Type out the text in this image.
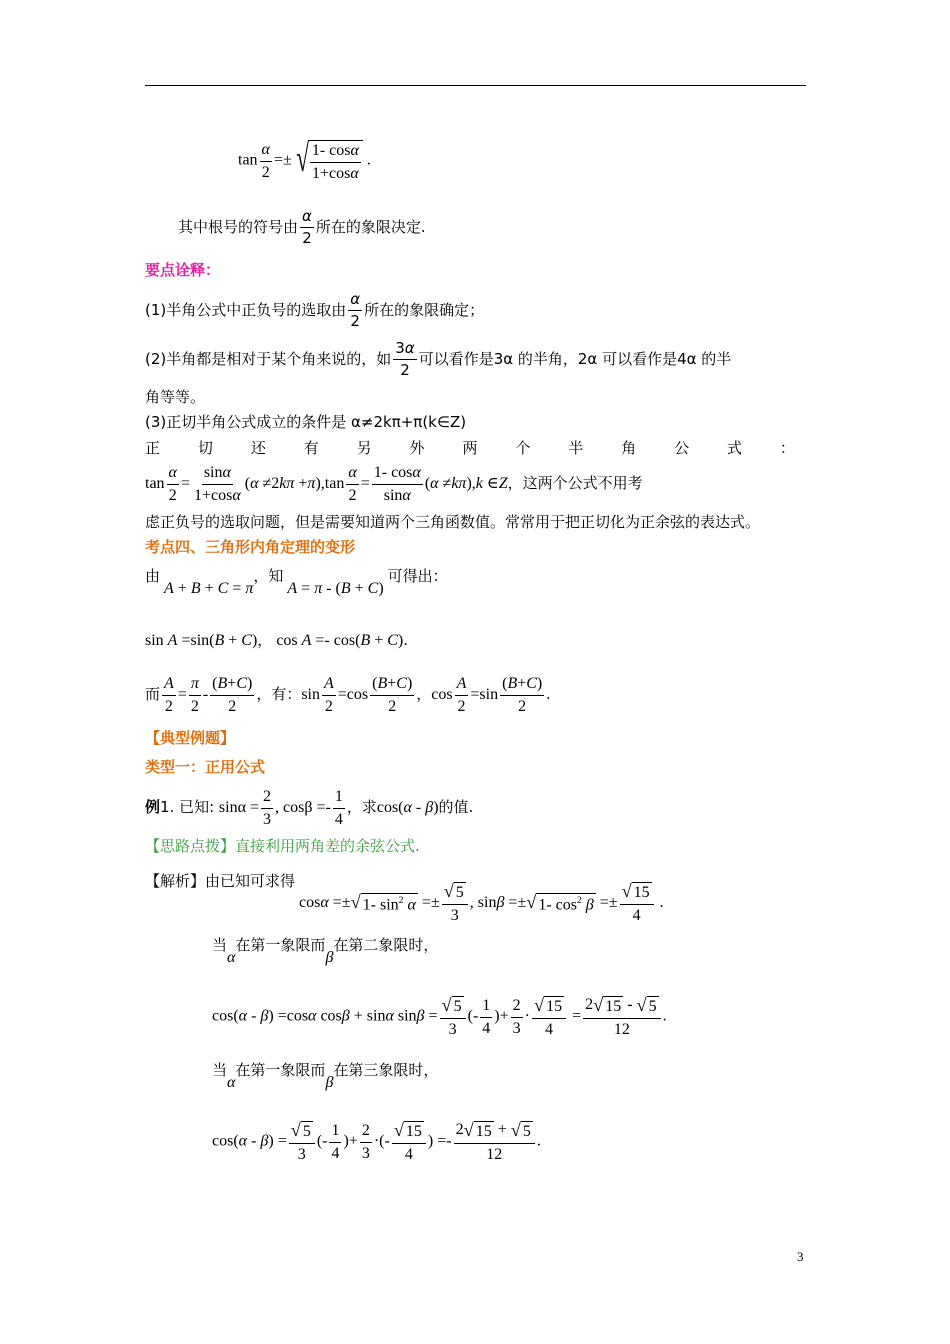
$\tan \frac{\alpha}{2}$ =± √ $\frac{1- \cos\alpha}{1+\cos\alpha}$ .
其中根号的符号由 $\frac{\alpha}{2}$ 所在的象限决定.
要点诠释：
(1)半角公式中正负号的选取由 $\frac{\alpha}{2}$ 所在的象限确定；
(2)半角都是相对于某个角来说的，如 $\frac{3\alpha}{2}$ 可以看作是3α 的半角，2α 可以看作是4α 的半
角等等。
(3)正切半角公式成立的条件是 α≠2kπ+π(k∈Z)
正	切	还	有	另	外	两	个	半	角	公	式	：
$\tan \frac{\alpha}{2} = \frac{\sin\alpha}{1+\cos\alpha} (\alpha \ne 2k\pi +\pi),\tan \frac{\alpha}{2} = \frac{1- \cos\alpha}{\sin\alpha} (\alpha \ne k\pi),k$ ∈Z，这两个公式不用考
虑正负号的选取问题，但是需要知道两个三角函数值。常常用于把正切化为正余弦的表达式。
考点四、三角形内角定理的变形
由 A + B + C = π，知 A = π - (B + C) 可得出：
sin A =sin(B + C)， cos A =- cos(B + C).
而 $\frac{A}{2} = \frac{\pi}{2} - \frac{(B+C)}{2}$ ，有：$\sin \frac{A}{2} =\cos \frac{(B+C)}{2}$ ，$\cos \frac{A}{2} =\sin \frac{(B+C)}{2}$ .
【典型例题】
类型一：正用公式
例1. 已知: $\sin\alpha = \frac{2}{3}$ , $\cos\beta =- \frac{1}{4}$ ，求cos(α - β)的值.
【思路点拨】直接利用两角差的余弦公式.
【解析】由已知可求得 cosα =± √ 1- $\sin^2 \alpha =\pm \frac{√ 5}{3}$ , sinβ =± √ 1- $\cos^2 \beta =\pm \frac{√ 15}{4}$ .
当α在第一象限而β在第二象限时，
cos(α - β) =cosα cosβ + sinα $\sin\beta = \frac{√ 5}{3}$ (- $\frac{1}{4}$ )+ $\frac{2}{3} \cdot \frac{√ 15}{4} = \frac{2 √ 15 - √ 5}{12}$ .
当α在第一象限而β在第三象限时，
$\cos(\alpha - \beta) = \frac{√ 5}{3}$ (- $\frac{1}{4}$ )+ $\frac{2}{3}$ ·(- $\frac{√ 15}{4}$ ) =- $\frac{2 √ 15 + √ 5}{12}$ .
3
